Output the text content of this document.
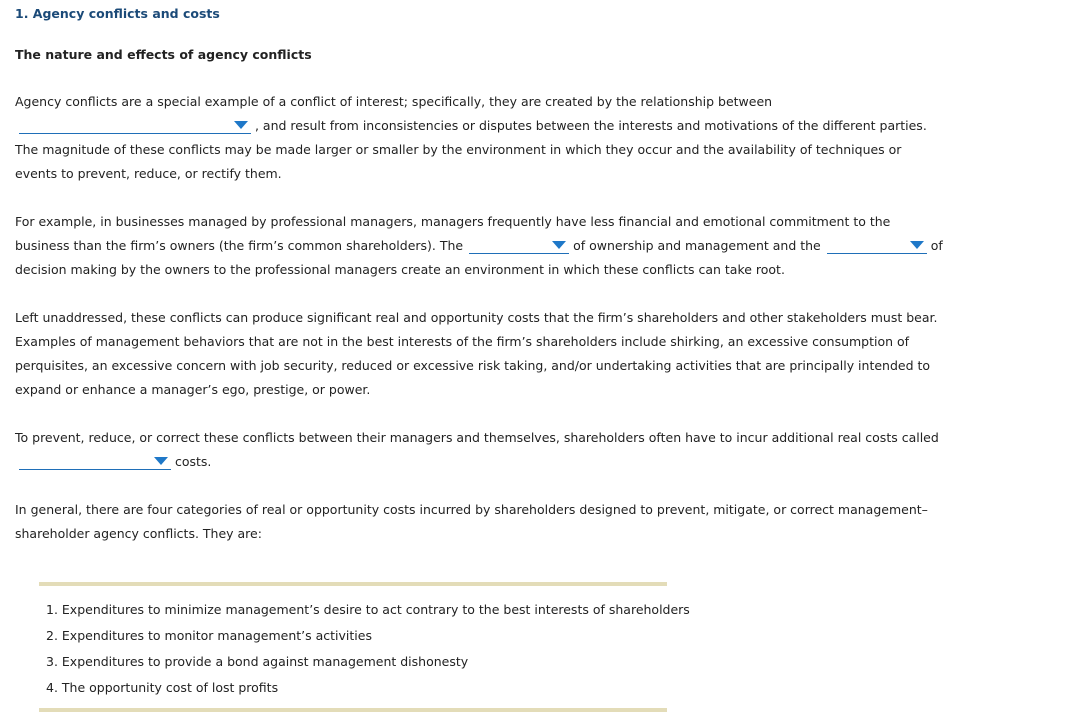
1. Agency conflicts and costs
The nature and effects of agency conflicts

Agency conflicts are a special example of a conflict of interest; specifically, they are created by the relationship between

, and result from inconsistencies or disputes between the interests and motivations of the different parties. The magnitude of these conflicts may be made larger or smaller by the environment in which they occur and the availability of techniques or events to prevent, reduce, or rectify them.

For example, in businesses managed by professional managers, managers frequently have less financial and emotional commitment to the business than the firm’s owners (the firm’s common shareholders). The	of ownership and management and the	of decision making by the owners to the professional managers create an environment in which these conflicts can take root.

Left unaddressed, these conflicts can produce significant real and opportunity costs that the firm’s shareholders and other stakeholders must bear. Examples of management behaviors that are not in the best interests of the firm’s shareholders include shirking, an excessive consumption of perquisites, an excessive concern with job security, reduced or excessive risk taking, and/or undertaking activities that are principally intended to expand or enhance a manager’s ego, prestige, or power.

To prevent, reduce, or correct these conflicts between their managers and themselves, shareholders often have to incur additional real costs called

costs.

In general, there are four categories of real or opportunity costs incurred by shareholders designed to prevent, mitigate, or correct management–shareholder agency conflicts. They are:

1. Expenditures to minimize management’s desire to act contrary to the best interests of shareholders
2. Expenditures to monitor management’s activities
3. Expenditures to provide a bond against management dishonesty
4. The opportunity cost of lost profits
